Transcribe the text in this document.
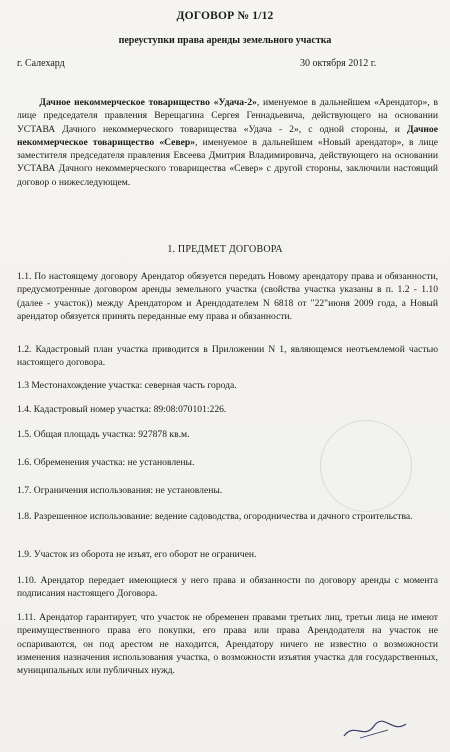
ДОГОВОР № 1/12
переуступки права аренды земельного участка
г. Салехард	30 октября 2012 г.
Дачное некоммерческое товарищество «Удача-2», именуемое в дальнейшем «Арендатор», в лице председателя правления Верещагина Сергея Геннадьевича, действующего на основании УСТАВА Дачного некоммерческого товарищества «Удача - 2», с одной стороны, и Дачное некоммерческое товарищество «Север», именуемое в дальнейшем «Новый арендатор», в лице заместителя председателя правления Евсеева Дмитрия Владимировича, действующего на основании УСТАВА Дачного некоммерческого товарищества «Север» с другой стороны, заключили настоящий договор о нижеследующем.
1. ПРЕДМЕТ ДОГОВОРА
1.1. По настоящему договору Арендатор обязуется передать Новому арендатору права и обязанности, предусмотренные договором аренды земельного участка (свойства участка указаны в п. 1.2 - 1.10 (далее - участок)) между Арендатором и Арендодателем N 6818 от "22"июня 2009 года, а Новый арендатор обязуется принять переданные ему права и обязанности.
1.2. Кадастровый план участка приводится в Приложении N 1, являющемся неотъемлемой частью настоящего договора.
1.3 Местонахождение участка: северная часть города.
1.4. Кадастровый номер участка: 89:08:070101:226.
1.5. Общая площадь участка: 927878 кв.м.
1.6. Обременения участка: не установлены.
1.7. Ограничения использования: не установлены.
1.8. Разрешенное использование: ведение садоводства, огородничества и дачного строительства.
1.9. Участок из оборота не изъят, его оборот не ограничен.
1.10. Арендатор передает имеющиеся у него права и обязанности по договору аренды с момента подписания настоящего Договора.
1.11. Арендатор гарантирует, что участок не обременен правами третьих лиц, третьи лица не имеют преимущественного права его покупки, его права или права Арендодателя на участок не оспариваются, он под арестом не находится, Арендатору ничего не известно о возможности изменения назначения использования участка, о возможности изъятия участка для государственных, муниципальных или публичных нужд.
